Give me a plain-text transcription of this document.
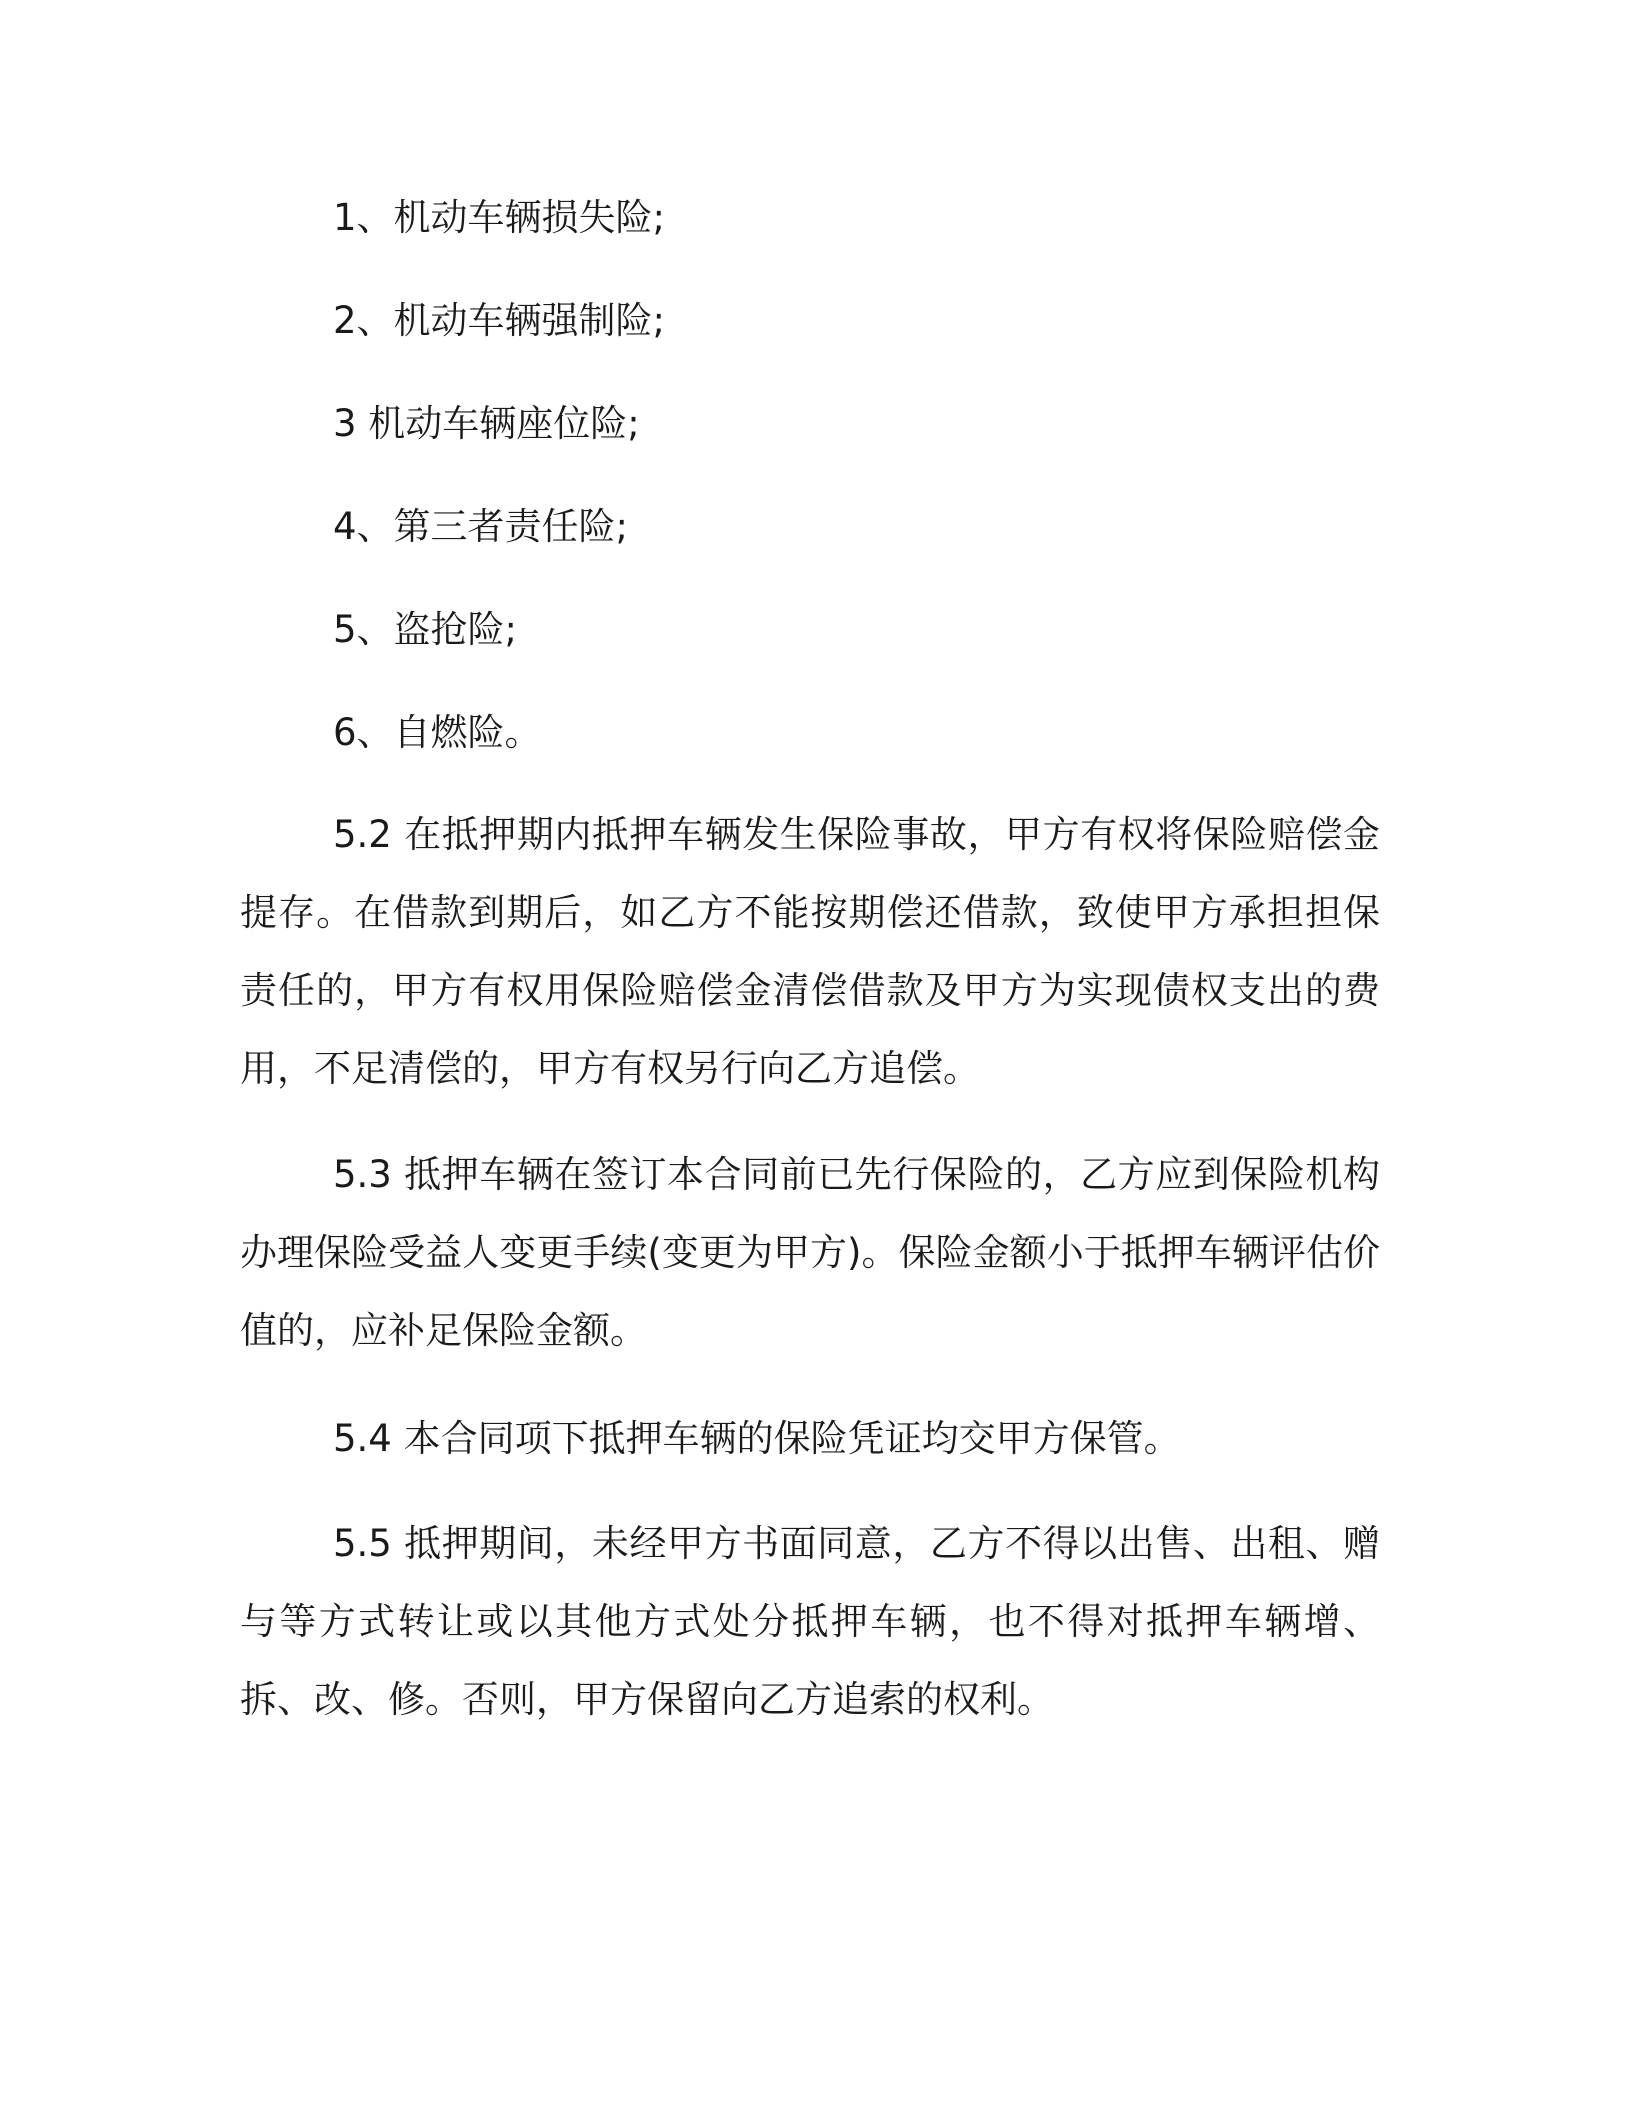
1、机动车辆损失险;
2、机动车辆强制险;
3 机动车辆座位险;
4、第三者责任险;
5、盗抢险;
6、自燃险。

5.2 在抵押期内抵押车辆发生保险事故，甲方有权将保险赔偿金提存。在借款到期后，如乙方不能按期偿还借款，致使甲方承担担保责任的，甲方有权用保险赔偿金清偿借款及甲方为实现债权支出的费用，不足清偿的，甲方有权另行向乙方追偿。

5.3 抵押车辆在签订本合同前已先行保险的，乙方应到保险机构办理保险受益人变更手续(变更为甲方)。保险金额小于抵押车辆评估价值的，应补足保险金额。

5.4 本合同项下抵押车辆的保险凭证均交甲方保管。

5.5 抵押期间，未经甲方书面同意，乙方不得以出售、出租、赠与等方式转让或以其他方式处分抵押车辆，也不得对抵押车辆增、拆、改、修。否则，甲方保留向乙方追索的权利。
